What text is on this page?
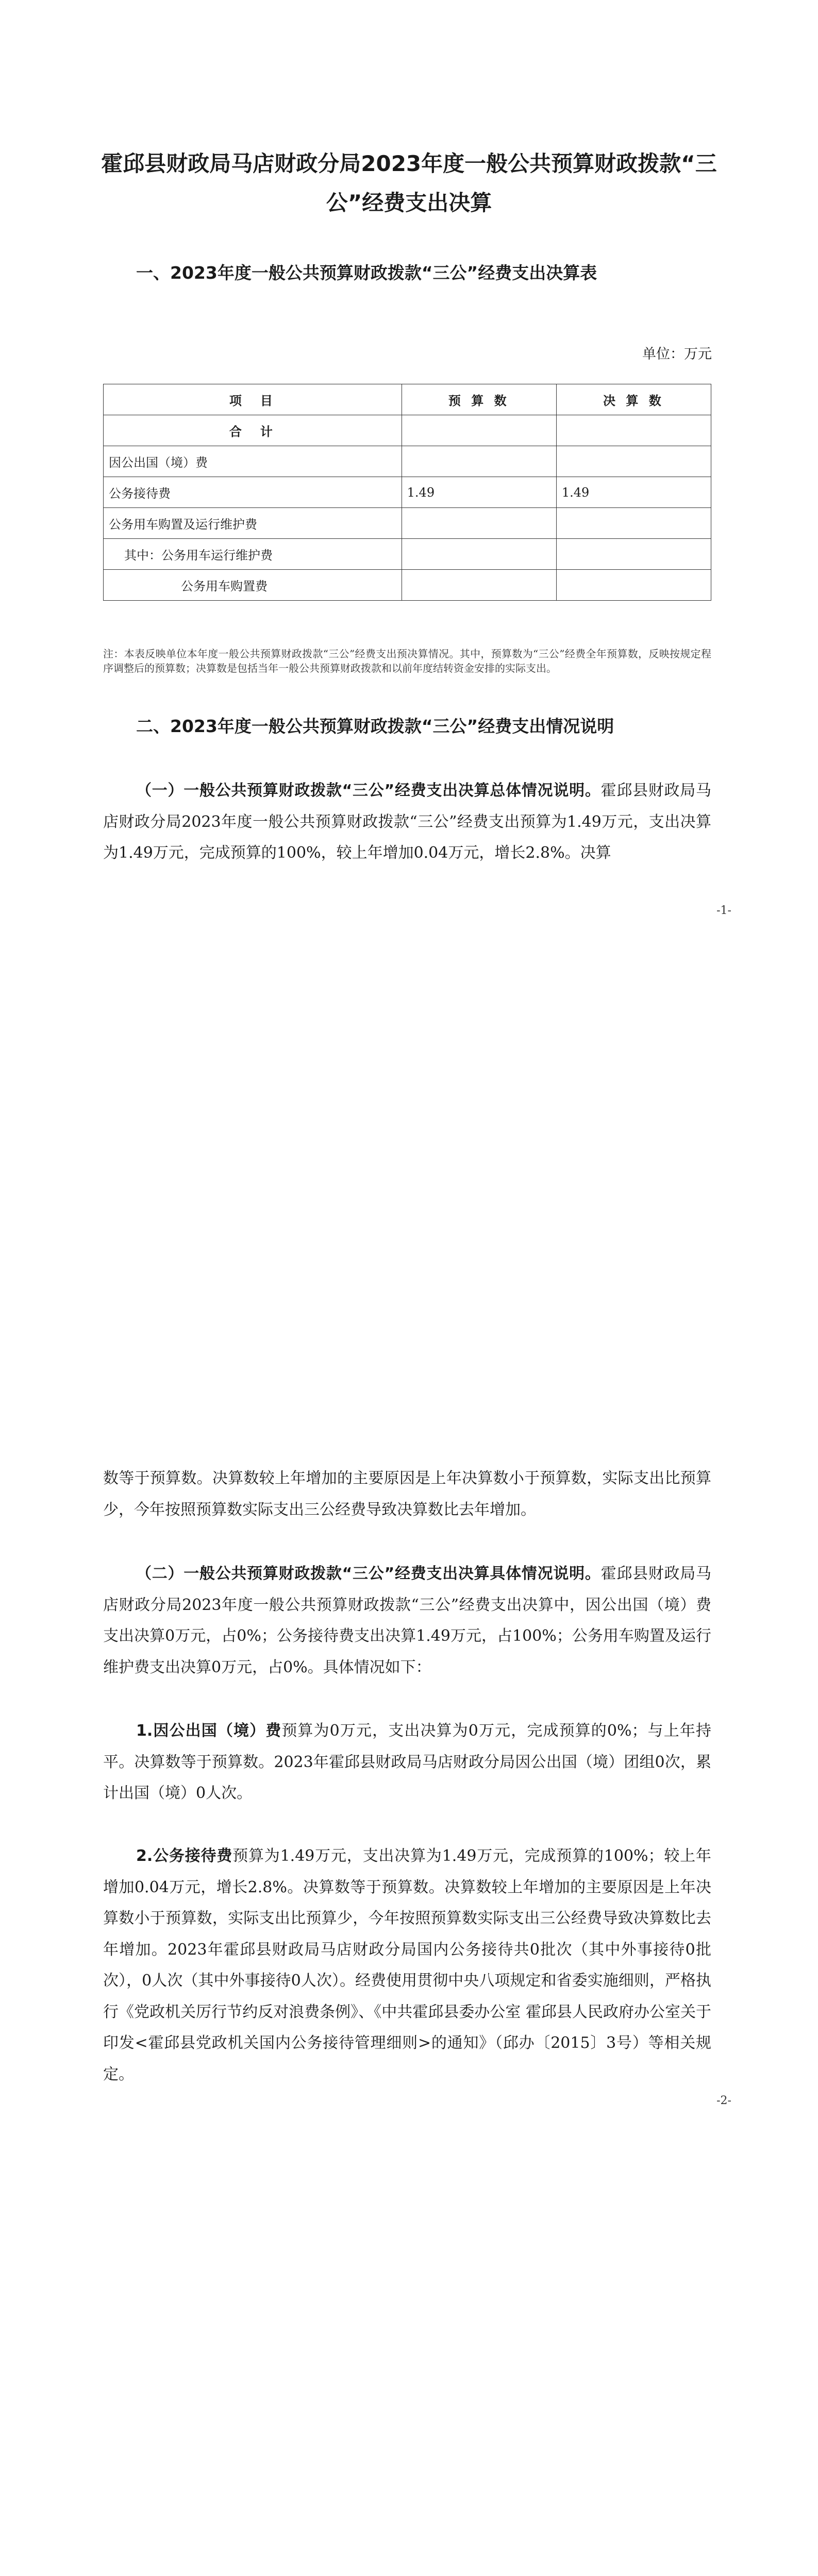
霍邱县财政局马店财政分局2023年度一般公共预算财政拨款“三公”经费支出决算

一、2023年度一般公共预算财政拨款“三公”经费支出决算表

单位：万元
项　目	预 算 数	决 算 数
合　计		
因公出国（境）费		
公务接待费	1.49	1.49
公务用车购置及运行维护费		
其中：公务用车运行维护费		
公务用车购置费		

注：本表反映单位本年度一般公共预算财政拨款“三公”经费支出预决算情况。其中，预算数为“三公”经费全年预算数，反映按规定程序调整后的预算数；决算数是包括当年一般公共预算财政拨款和以前年度结转资金安排的实际支出。

二、2023年度一般公共预算财政拨款“三公”经费支出情况说明

（一）一般公共预算财政拨款“三公”经费支出决算总体情况说明。霍邱县财政局马店财政分局2023年度一般公共预算财政拨款“三公”经费支出预算为1.49万元，支出决算为1.49万元，完成预算的100%，较上年增加0.04万元，增长2.8%。决算

-1-

数等于预算数。决算数较上年增加的主要原因是上年决算数小于预算数，实际支出比预算少，今年按照预算数实际支出三公经费导致决算数比去年增加。

（二）一般公共预算财政拨款“三公”经费支出决算具体情况说明。霍邱县财政局马店财政分局2023年度一般公共预算财政拨款“三公”经费支出决算中，因公出国（境）费支出决算0万元，占0%；公务接待费支出决算1.49万元，占100%；公务用车购置及运行维护费支出决算0万元，占0%。具体情况如下：

1.因公出国（境）费预算为0万元，支出决算为0万元，完成预算的0%；与上年持平。决算数等于预算数。2023年霍邱县财政局马店财政分局因公出国（境）团组0次，累计出国（境）0人次。

2.公务接待费预算为1.49万元，支出决算为1.49万元，完成预算的100%；较上年增加0.04万元，增长2.8%。决算数等于预算数。决算数较上年增加的主要原因是上年决算数小于预算数，实际支出比预算少，今年按照预算数实际支出三公经费导致决算数比去年增加。2023年霍邱县财政局马店财政分局国内公务接待共0批次（其中外事接待0批次），0人次（其中外事接待0人次）。经费使用贯彻中央八项规定和省委实施细则，严格执行《党政机关厉行节约反对浪费条例》、《中共霍邱县委办公室 霍邱县人民政府办公室关于印发<霍邱县党政机关国内公务接待管理细则>的通知》（邱办〔2015〕3号）等相关规定。

-2-
